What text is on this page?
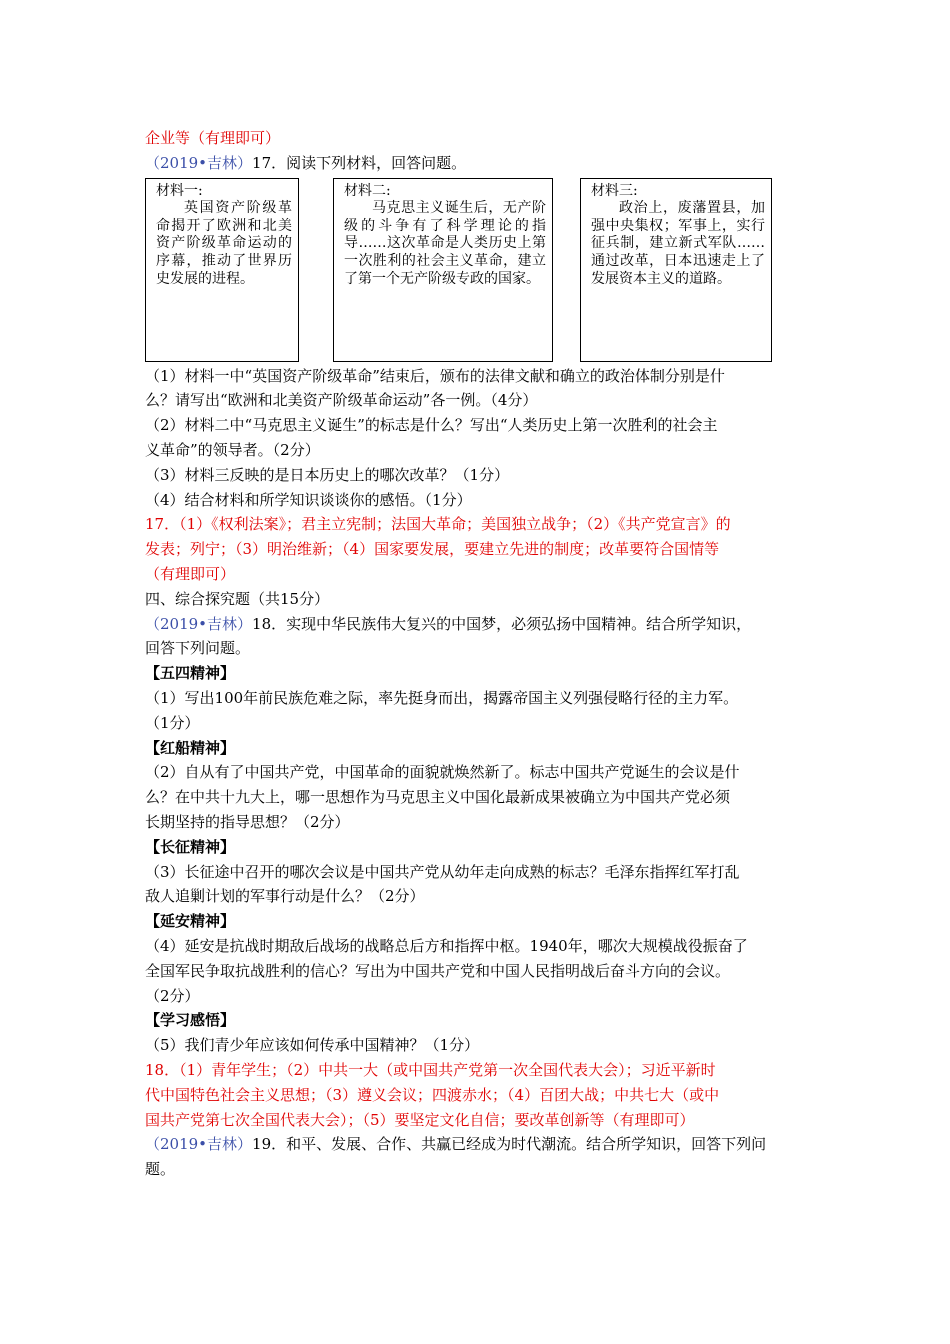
企业等（有理即可）
（2019•吉林）17．阅读下列材料，回答问题。
材料一:
英国资产阶级革命揭开了欧洲和北美资产阶级革命运动的序幕，推动了世界历史发展的进程。
材料二:
马克思主义诞生后，无产阶级的斗争有了科学理论的指导……这次革命是人类历史上第一次胜利的社会主义革命，建立了第一个无产阶级专政的国家。
材料三:
政治上，废藩置县，加强中央集权；军事上，实行征兵制，建立新式军队……通过改革，日本迅速走上了发展资本主义的道路。
（1）材料一中“英国资产阶级革命”结束后，颁布的法律文献和确立的政治体制分别是什
么？请写出“欧洲和北美资产阶级革命运动”各一例。（4分）
（2）材料二中“马克思主义诞生”的标志是什么？写出“人类历史上第一次胜利的社会主
义革命”的领导者。（2分）
（3）材料三反映的是日本历史上的哪次改革？（1分）
（4）结合材料和所学知识谈谈你的感悟。（1分）
17．（1）《权利法案》；君主立宪制；法国大革命；美国独立战争；（2）《共产党宣言》的
发表；列宁；（3）明治维新；（4）国家要发展，要建立先进的制度；改革要符合国情等
（有理即可）
四、综合探究题（共15分）
（2019•吉林）18．实现中华民族伟大复兴的中国梦，必须弘扬中国精神。结合所学知识，
回答下列问题。
【五四精神】
（1）写出100年前民族危难之际，率先挺身而出，揭露帝国主义列强侵略行径的主力军。
（1分）
【红船精神】
（2）自从有了中国共产党，中国革命的面貌就焕然新了。标志中国共产党诞生的会议是什
么？在中共十九大上，哪一思想作为马克思主义中国化最新成果被确立为中国共产党必须
长期坚持的指导思想？（2分）
【长征精神】
（3）长征途中召开的哪次会议是中国共产党从幼年走向成熟的标志？毛泽东指挥红军打乱
敌人追剿计划的军事行动是什么？（2分）
【延安精神】
（4）延安是抗战时期敌后战场的战略总后方和指挥中枢。1940年，哪次大规模战役振奋了
全国军民争取抗战胜利的信心？写出为中国共产党和中国人民指明战后奋斗方向的会议。
（2分）
【学习感悟】
（5）我们青少年应该如何传承中国精神？（1分）
18．（1）青年学生；（2）中共一大（或中国共产党第一次全国代表大会）；习近平新时
代中国特色社会主义思想；（3）遵义会议；四渡赤水；（4）百团大战；中共七大（或中
国共产党第七次全国代表大会）；（5）要坚定文化自信；要改革创新等（有理即可）
（2019•吉林）19．和平、发展、合作、共赢已经成为时代潮流。结合所学知识，回答下列问
题。
